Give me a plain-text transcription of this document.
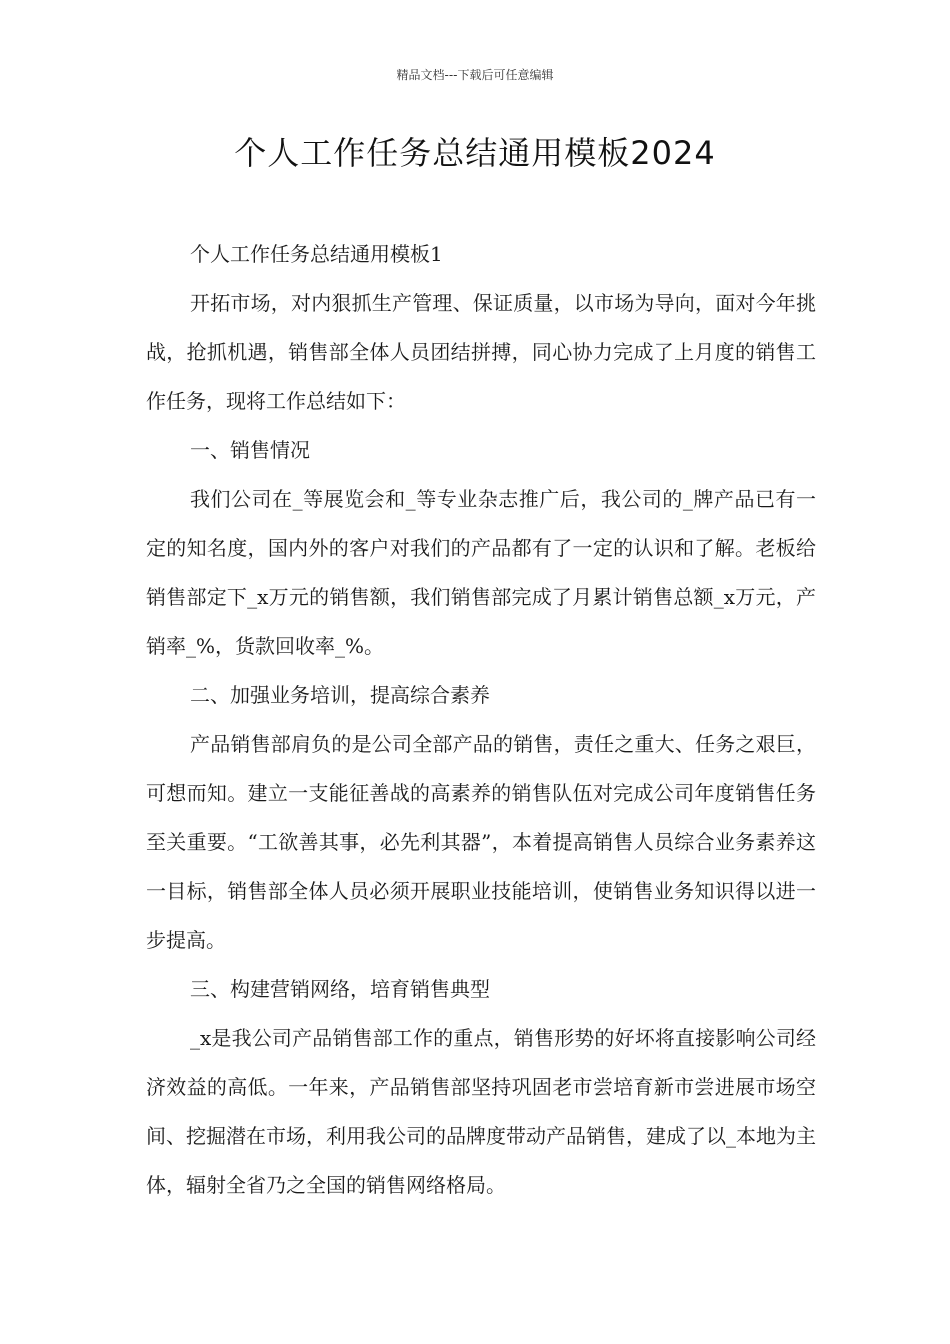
精品文档---下载后可任意编辑
个人工作任务总结通用模板2024

个人工作任务总结通用模板1

开拓市场，对内狠抓生产管理、保证质量，以市场为导向，面对今年挑战，抢抓机遇，销售部全体人员团结拼搏，同心协力完成了上月度的销售工作任务，现将工作总结如下：

一、销售情况

我们公司在_等展览会和_等专业杂志推广后，我公司的_牌产品已有一定的知名度，国内外的客户对我们的产品都有了一定的认识和了解。老板给销售部定下_x万元的销售额，我们销售部完成了月累计销售总额_x万元，产销率_%，货款回收率_%。

二、加强业务培训，提高综合素养

产品销售部肩负的是公司全部产品的销售，责任之重大、任务之艰巨，可想而知。建立一支能征善战的高素养的销售队伍对完成公司年度销售任务至关重要。“工欲善其事，必先利其器”，本着提高销售人员综合业务素养这一目标，销售部全体人员必须开展职业技能培训，使销售业务知识得以进一步提高。

三、构建营销网络，培育销售典型

_x是我公司产品销售部工作的重点，销售形势的好坏将直接影响公司经济效益的高低。一年来，产品销售部坚持巩固老市尝培育新市尝进展市场空间、挖掘潜在市场，利用我公司的品牌度带动产品销售，建成了以_本地为主体，辐射全省乃之全国的销售网络格局。
